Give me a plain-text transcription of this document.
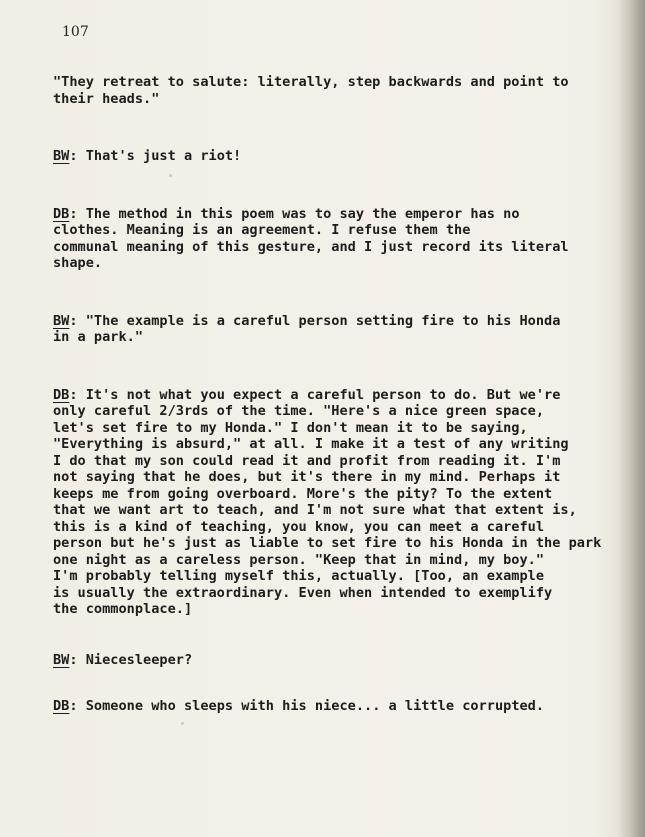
107
"They retreat to salute: literally, step backwards and point to
their heads."
BW: That's just a riot!
DB: The method in this poem was to say the emperor has no
clothes. Meaning is an agreement. I refuse them the
communal meaning of this gesture, and I just record its literal
shape.
BW: "The example is a careful person setting fire to his Honda
in a park."
DB: It's not what you expect a careful person to do. But we're
only careful 2/3rds of the time. "Here's a nice green space,
let's set fire to my Honda." I don't mean it to be saying,
"Everything is absurd," at all. I make it a test of any writing
I do that my son could read it and profit from reading it. I'm
not saying that he does, but it's there in my mind. Perhaps it
keeps me from going overboard. More's the pity? To the extent
that we want art to teach, and I'm not sure what that extent is,
this is a kind of teaching, you know, you can meet a careful
person but he's just as liable to set fire to his Honda in the park
one night as a careless person. "Keep that in mind, my boy."
I'm probably telling myself this, actually. [Too, an example
is usually the extraordinary. Even when intended to exemplify
the commonplace.]
BW: Niecesleeper?
DB: Someone who sleeps with his niece... a little corrupted.
